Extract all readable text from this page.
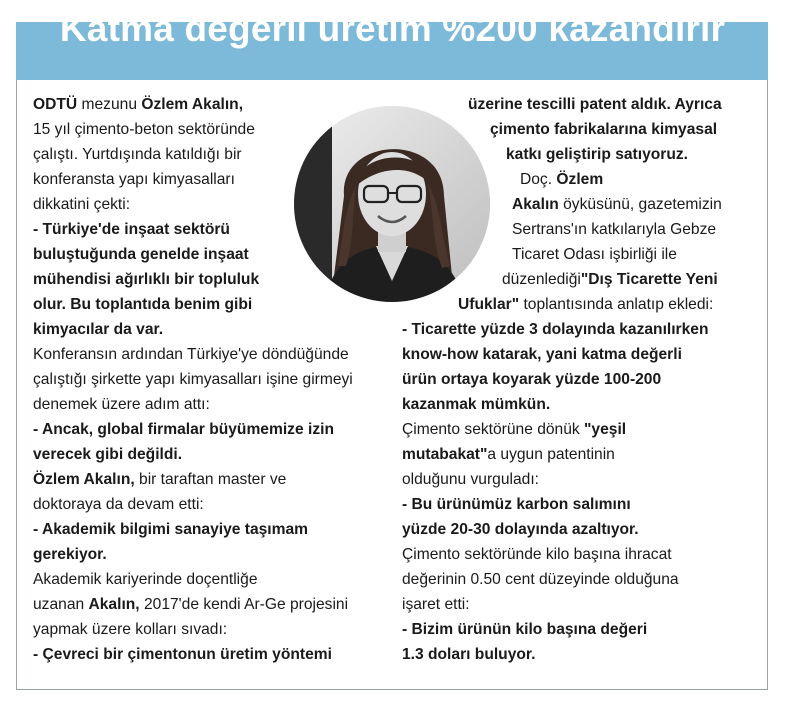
Katma değerli üretim %200 kazandırır

ODTÜ mezunu Özlem Akalın,

15 yıl çimento-beton sektöründe

çalıştı. Yurtdışında katıldığı bir

konferansta yapı kimyasalları

dikkatini çekti:

- Türkiye'de inşaat sektörü

buluştuğunda genelde inşaat

mühendisi ağırlıklı bir topluluk

olur. Bu toplantıda benim gibi

kimyacılar da var.

Konferansın ardından Türkiye'ye döndüğünde

çalıştığı şirkette yapı kimyasalları işine girmeyi

denemek üzere adım attı:

- Ancak, global firmalar büyümemize izin

verecek gibi değildi.

Özlem Akalın, bir taraftan master ve

doktoraya da devam etti:

- Akademik bilgimi sanayiye taşımam

gerekiyor.

Akademik kariyerinde doçentliğe

uzanan Akalın, 2017'de kendi Ar-Ge projesini

yapmak üzere kolları sıvadı:

- Çevreci bir çimentonun üretim yöntemi

üzerine tescilli patent aldık. Ayrıca

çimento fabrikalarına kimyasal

katkı geliştirip satıyoruz.

Doç. Özlem

Akalın öyküsünü, gazetemizin

Sertrans'ın katkılarıyla Gebze

Ticaret Odası işbirliği ile

düzenlediği"Dış Ticarette Yeni

Ufuklar" toplantısında anlatıp ekledi:

- Ticarette yüzde 3 dolayında kazanılırken

know-how katarak, yani katma değerli

ürün ortaya koyarak yüzde 100-200

kazanmak mümkün.

Çimento sektörüne dönük "yeşil

mutabakat"a uygun patentinin

olduğunu vurguladı:

- Bu ürünümüz karbon salımını

yüzde 20-30 dolayında azaltıyor.

Çimento sektöründe kilo başına ihracat

değerinin 0.50 cent düzeyinde olduğuna

işaret etti:

- Bizim ürünün kilo başına değeri

1.3 doları buluyor.
